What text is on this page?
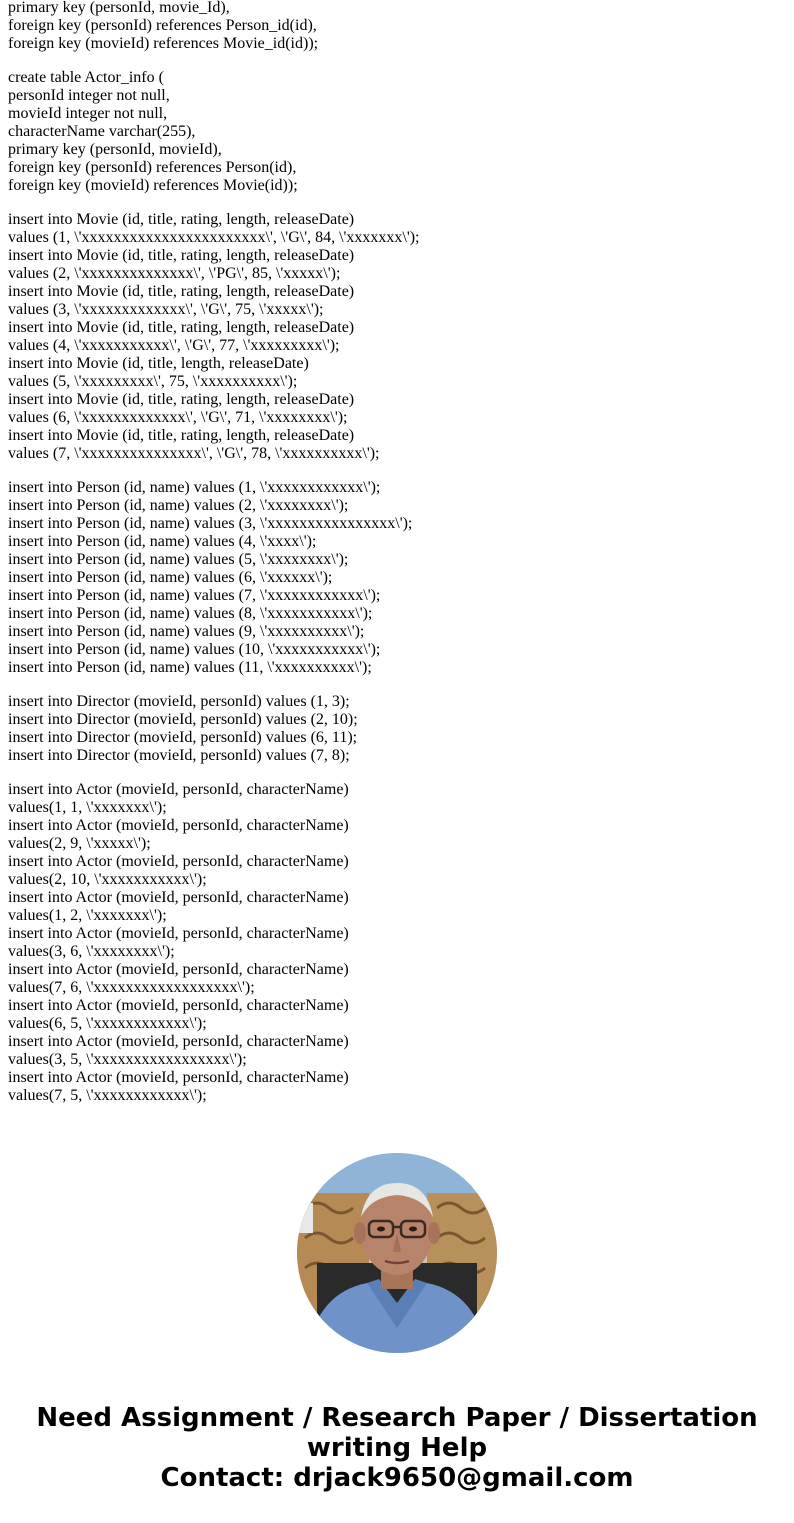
primary key (personId, movie_Id),
foreign key (personId) references Person_id(id),
foreign key (movieId) references Movie_id(id));
create table Actor_info (
personId integer not null,
movieId integer not null,
characterName varchar(255),
primary key (personId, movieId),
foreign key (personId) references Person(id),
foreign key (movieId) references Movie(id));
insert into Movie (id, title, rating, length, releaseDate)
values (1, \'xxxxxxxxxxxxxxxxxxxxxxx\', \'G\', 84, \'xxxxxxx\');
insert into Movie (id, title, rating, length, releaseDate)
values (2, \'xxxxxxxxxxxxxx\', \'PG\', 85, \'xxxxx\');
insert into Movie (id, title, rating, length, releaseDate)
values (3, \'xxxxxxxxxxxxx\', \'G\', 75, \'xxxxx\');
insert into Movie (id, title, rating, length, releaseDate)
values (4, \'xxxxxxxxxxx\', \'G\', 77, \'xxxxxxxxx\');
insert into Movie (id, title, length, releaseDate)
values (5, \'xxxxxxxxx\', 75, \'xxxxxxxxxx\');
insert into Movie (id, title, rating, length, releaseDate)
values (6, \'xxxxxxxxxxxxx\', \'G\', 71, \'xxxxxxxx\');
insert into Movie (id, title, rating, length, releaseDate)
values (7, \'xxxxxxxxxxxxxxx\', \'G\', 78, \'xxxxxxxxxx\');
insert into Person (id, name) values (1, \'xxxxxxxxxxxx\');
insert into Person (id, name) values (2, \'xxxxxxxx\');
insert into Person (id, name) values (3, \'xxxxxxxxxxxxxxxx\');
insert into Person (id, name) values (4, \'xxxx\');
insert into Person (id, name) values (5, \'xxxxxxxx\');
insert into Person (id, name) values (6, \'xxxxxx\');
insert into Person (id, name) values (7, \'xxxxxxxxxxxx\');
insert into Person (id, name) values (8, \'xxxxxxxxxxx\');
insert into Person (id, name) values (9, \'xxxxxxxxxx\');
insert into Person (id, name) values (10, \'xxxxxxxxxxx\');
insert into Person (id, name) values (11, \'xxxxxxxxxx\');
insert into Director (movieId, personId) values (1, 3);
insert into Director (movieId, personId) values (2, 10);
insert into Director (movieId, personId) values (6, 11);
insert into Director (movieId, personId) values (7, 8);
insert into Actor (movieId, personId, characterName)
values(1, 1, \'xxxxxxx\');
insert into Actor (movieId, personId, characterName)
values(2, 9, \'xxxxx\');
insert into Actor (movieId, personId, characterName)
values(2, 10, \'xxxxxxxxxxx\');
insert into Actor (movieId, personId, characterName)
values(1, 2, \'xxxxxxx\');
insert into Actor (movieId, personId, characterName)
values(3, 6, \'xxxxxxxx\');
insert into Actor (movieId, personId, characterName)
values(7, 6, \'xxxxxxxxxxxxxxxxxx\');
insert into Actor (movieId, personId, characterName)
values(6, 5, \'xxxxxxxxxxxx\');
insert into Actor (movieId, personId, characterName)
values(3, 5, \'xxxxxxxxxxxxxxxxx\');
insert into Actor (movieId, personId, characterName)
values(7, 5, \'xxxxxxxxxxxx\');
Need Assignment / Research Paper / Dissertation
writing Help
Contact: drjack9650@gmail.com
